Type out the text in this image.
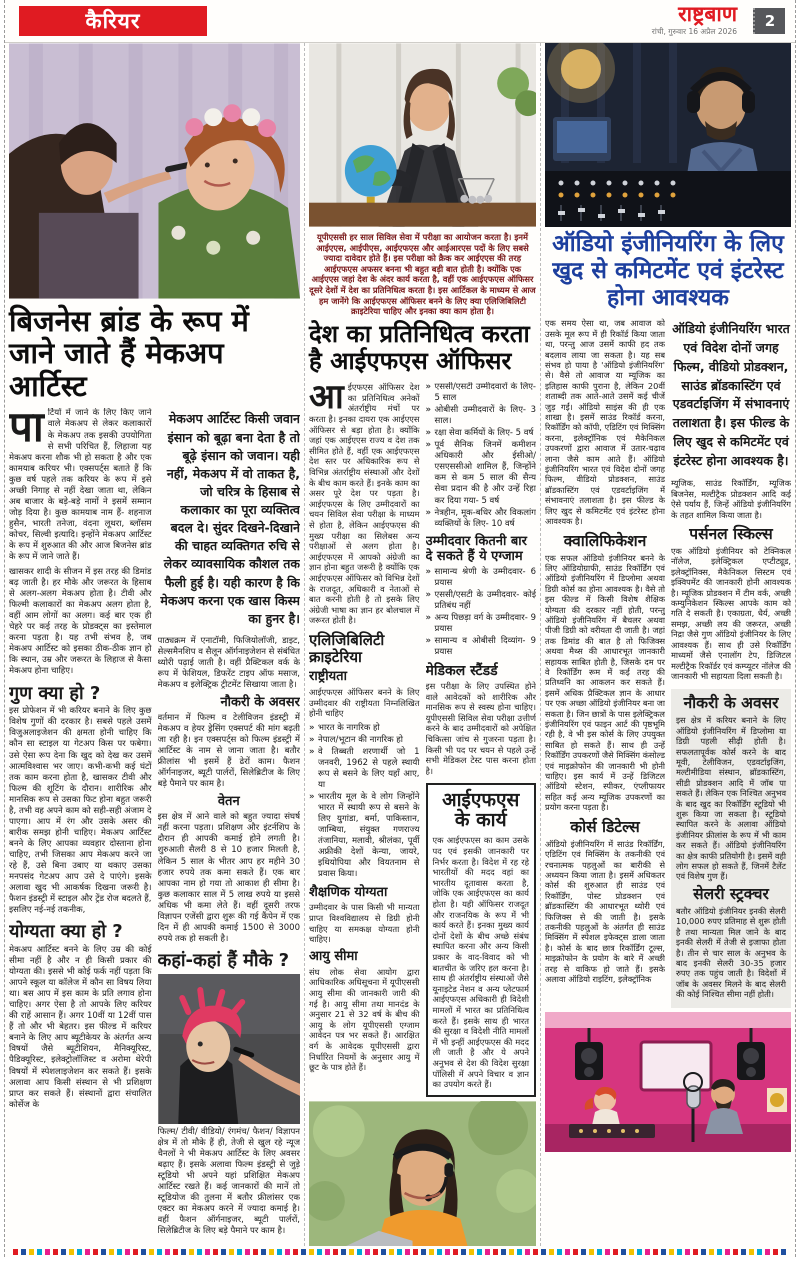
कैरियर	राष्ट्रबाण
रांची, गुरुवार 16 अप्रैल 2026
2
बिजनेस ब्रांड के रूप में जाने जाते हैं मेकअप आर्टिस्ट

पार्टियों में जाने के लिए किए जाने वाले मेकअप से लेकर कलाकारों के मेकअप तक इसकी उपयोगिता से सभी परिचित हैं, लिहाजा यह मेकअप करना शौक भी हो सकता है और एक कामयाब करियर भी। एक्सपर्ट्स बताते हैं कि कुछ वर्ष पहले तक करियर के रूप में इसे अच्छी निगाह से नहीं देखा जाता था, लेकिन अब बाजार के बड़े-बड़े नामों ने इसमें सम्मान जोड़ दिया है। कुछ कामयाब नाम हैं- शहनाज हुसैन, भारती तनेजा, वंदना लूथरा, ब्लॉसम कोचर, सिल्वी इत्यादि। इन्होंने मेकअप आर्टिस्ट के रूप में शुरुआत की और आज बिजनेस ब्रांड के रूप में जाने जाते हैं।

खासकर शादी के सीजन में इस तरह की डिमांड बढ़ जाती है। हर मौके और जरूरत के हिसाब से अलग-अलग मेकअप होता है। टीवी और फिल्मी कलाकारों का मेकअप अलग होता है, वहीं आम लोगों का अलग। कई बार एक ही चेहरे पर कई तरह के प्रोडक्ट्स का इस्तेमाल करना पड़ता है। यह तभी संभव है, जब मेकअप आर्टिस्ट को इसका ठीक-ठीक ज्ञान हो कि स्थान, उम्र और जरूरत के लिहाज से कैसा मेकअप होना चाहिए।

गुण क्या हो ?

इस प्रोफेशन में भी करियर बनाने के लिए कुछ विशेष गुणों की दरकार है। सबसे पहले उसमें विजुअलाइजेशन की क्षमता होनी चाहिए कि कौन सा स्टाइल या गेटअप किस पर फबेगा। उसे ऐसा रूप देना कि खुद को देख कर उसमें आत्मविश्वास भर जाए। कभी-कभी कई घंटों तक काम करना होता है, खासकर टीवी और फिल्म की शूटिंग के दौरान। शारीरिक और मानसिक रूप से उसका फिट होना बहुत जरूरी है, तभी वह अपने काम को सही-सही अंजाम दे पाएगा। आप में रंग और उसके असर की बारीक समझ होनी चाहिए। मेकअप आर्टिस्ट बनने के लिए आपका व्यवहार दोस्ताना होना चाहिए, तभी जिसका आप मेकअप करने जा रहे हैं, उसे बिना उबाए या थकाए उसका मनपसंद गेटअप आप उसे दे पाएंगे। इसके अलावा खुद भी आकर्षक दिखना जरूरी है। फैशन इंडस्ट्री में स्टाइल और ट्रेंड रोज बदलते हैं, इसलिए नई-नई तकनीक,

योग्यता क्या हो ?

मेकअप आर्टिस्ट बनने के लिए उम्र की कोई सीमा नहीं है और न ही किसी प्रकार की योग्यता की। इससे भी कोई फर्क नहीं पड़ता कि आपने स्कूल या कॉलेज में कौन सा विषय लिया था। बस आप में इस काम के प्रति लगाव होना चाहिए। अगर ऐसा है तो आपके लिए करियर की राहें आसान हैं। अगर 10वीं या 12वीं पास हैं तो और भी बेहतर। इस फील्ड में करियर बनाने के लिए आप ब्यूटीकेयर के अंतर्गत अन्य विषयों जैसे ब्यूटीशियन, मैनिक्यूरिस्ट, पैडिक्यूरिस्ट, इलेक्ट्रोलॉजिस्ट व अरोमा थेरेपी विषयों में स्पेशलाइजेशन कर सकते हैं। इसके अलावा आप किसी संस्थान से भी प्रशिक्षण प्राप्त कर सकते हैं। संस्थानों द्वारा संचालित कोर्सेज के

मेकअप आर्टिस्ट किसी जवान इंसान को बूढ़ा बना देता है तो बूढ़े इंसान को जवान। यही नहीं, मेकअप में वो ताकत है, जो चरित्र के हिसाब से कलाकार का पूरा व्यक्तित्व बदल दे। सुंदर दिखने-दिखाने की चाहत व्यक्तिगत रुचि से लेकर व्यावसायिक कौशल तक फैली हुई है। यही कारण है कि मेकअप करना एक खास किस्म का हुनर है।

पाठ्यक्रम में एनाटॉमी, फिजियोलॉजी, डाइट, सेल्समैनशिप व सैलून ऑर्गनाइजेशन से संबंधित थ्योरी पढ़ाई जाती है। वहीं प्रैक्टिकल वर्क के रूप में फेशियल, डिफरेंट टाइप ऑफ मसाज, मेकअप व इलेक्ट्रिक ट्रीटमेंट सिखाया जाता है।

नौकरी के अवसर

वर्तमान में फिल्म व टेलीविजन इंडस्ट्री में मेकअप व हेयर ड्रेसिंग एक्सपर्ट की मांग बढ़ती जा रही है। इन एक्सपर्ट्स को फिल्म इंडस्ट्री में आर्टिस्ट के नाम से जाना जाता है। बतौर फ्रीलांस भी इसमें हैं ढेरों काम। फैशन ऑर्गनाइजर, ब्यूटी पार्लरों, सिलेब्रिटीज के लिए बड़े पैमाने पर काम है।

वेतन

इस क्षेत्र में आने वाले को बहुत ज्यादा संघर्ष नहीं करना पड़ता। प्रशिक्षण और इंटर्नशिप के दौरान ही आपकी कमाई होने लगती है। शुरुआती सैलरी 8 से 10 हजार मिलती है, लेकिन 5 साल के भीतर आप हर महीने 30 हजार रुपये तक कमा सकते हैं। एक बार आपका नाम हो गया तो आकाश ही सीमा है। कुछ कलाकार साल में 5 लाख रुपये या इससे अधिक भी कमा लेते हैं। वहीं दूसरी तरफ विज्ञापन एजेंसी द्वारा शुरू की गई कैंपेन में एक दिन में ही आपकी कमाई 1500 से 3000 रुपये तक हो सकती है।

कहां-कहां हैं मौके ?

फिल्म/ टीवी/ वीडियो/ रंगमंच/ फैशन/ विज्ञापन क्षेत्र में तो मौके हैं ही, तेजी से खुल रहे न्यूज चैनलों ने भी मेकअप आर्टिस्ट के लिए अवसर बढ़ाए हैं। इसके अलावा फिल्म इंडस्ट्री से जुड़े स्टूडियो भी अपने यहां प्रशिक्षित मेकअप आर्टिस्ट रखते हैं। कई जानकारों की मानें तो स्टूडियोज की तुलना में बतौर फ्रीलांसर एक एक्टर का मेकअप करने में ज्यादा कमाई है। वहीं फैशन ऑर्गनाइजर, ब्यूटी पार्लरों, सिलेब्रिटीज के लिए बड़े पैमाने पर काम है।

यूपीएससी हर साल सिविल सेवा में परीक्षा का आयोजन करता है। इनमें आईएएस, आईपीएस, आईएफएस और आईआरएस पदों के लिए सबसे ज्यादा दावेदार होते हैं। इस परीक्षा को क्रैक कर आईएएस की तरह आईएफएस अफसर बनना भी बहुत बड़ी बात होती है। क्योंकि एक आईएएस जहां देश के अंदर कार्य करता है, वहीं एक आईएफएस ऑफिसर दूसरे देशों में देश का प्रतिनिधित्व करता है। इस आर्टिकल के माध्यम से आज हम जानेंगे कि आईएफएस ऑफिसर बनने के लिए क्या एलिजिबिलिटी क्राइटेरिया चाहिए और इनका क्या काम होता है।

देश का प्रतिनिधित्व करता है आईएफएस ऑफिसर

आईएफएस ऑफिसर देश का प्रतिनिधित्व अनेकों अंतर्राष्ट्रीय मंचों पर करता है। इनका दायरा एक आईएएस ऑफिसर से बड़ा होता है। क्योंकि जहां एक आईएएस राज्य व देश तक सीमित होते हैं, वहीं एक आईएफएस देश स्तर पर अधिकारिक रूप से विभिन्न अंतर्राष्ट्रीय संस्थाओं और देशों के बीच काम करते हैं। इनके काम का असर पूरे देश पर पड़ता है। आईएफएस के लिए उम्मीदवारों का चयन सिविल सेवा परीक्षा के माध्यम से होता है, लेकिन आईएफएस की मुख्य परीक्षा का सिलेबस अन्य परीक्षाओं से अलग होता है। आईएफएस में आपको अंग्रेजी का ज्ञान होना बहुत जरूरी है क्योंकि एक आईएफएस ऑफिसर को विभिन्न देशों के राजदूत, अधिकारी व नेताओं से बात करनी होती है तो इसके लिए अंग्रेजी भाषा का ज्ञान हर बोलचाल में जरूरत होती है।

एलिजिबिलिटी क्राइटेरिया
राष्ट्रीयता

आईएफएस ऑफिसर बनने के लिए उम्मीदवार की राष्ट्रीयता निम्नलिखित होनी चाहिए

» भारत के नागरिक हो
» नेपाल/भूटान की नागरिक हो
» वे तिब्बती शरणार्थी जो 1 जनवरी, 1962 से पहले स्थायी रूप से बसने के लिए यहाँ आए, या
» भारतीय मूल के वे लोग जिन्होंने भारत में स्थायी रूप से बसने के लिए युगांडा, बर्मा, पाकिस्तान, जाम्बिया, संयुक्त गणराज्य तंजानिया, मलावी, श्रीलंका, पूर्वी अफ्रीकी देशों केन्या, जायरे, इथियोपिया और वियतनाम से प्रवास किया।
शैक्षणिक योग्यता

उम्मीदवार के पास किसी भी मान्यता प्राप्त विश्वविद्यालय से डिग्री होनी चाहिए या समकक्ष योग्यता होनी चाहिए।

आयु सीमा

संघ लोक सेवा आयोग द्वारा आधिकारिक अधिसूचना में यूपीएससी आयु सीमा की जानकारी जारी की गई है। आयु सीमा तथा मानदंड के अनुसार 21 से 32 वर्ष के बीच की आयु के लोग यूपीएससी एग्जाम आवेदन पत्र भर सकते हैं। आरक्षित वर्ग के आवेदक यूपीएससी द्वारा निर्धारित नियमों के अनुसार आयु में छूट के पात्र होते हैं।

» एससी/एसटी उम्मीदवारों के लिए- 5 साल
» ओबीसी उम्मीदवारों के लिए- 3 साल।
» रक्षा सेवा कर्मियों के लिए- 5 वर्ष
» पूर्व सैनिक जिनमें कमीशन अधिकारी और ईसीओ/एसएससीओ शामिल हैं, जिन्होंने कम से कम 5 साल की सैन्य सेवा प्रदान की है और उन्हें रिहा कर दिया गया- 5 वर्ष
» नेत्रहीन, मूक-बधिर और विकलांग व्यक्तियों के लिए- 10 वर्ष
उम्मीदवार कितनी बार दे सकते हैं ये एग्जाम
» सामान्य श्रेणी के उम्मीदवार- 6 प्रयास
» एससी/एसटी के उम्मीदवार- कोई प्रतिबंध नहीं
» अन्य पिछड़ा वर्ग के उम्मीदवार- 9 प्रयास
» सामान्य व ओबीसी दिव्यांग- 9 प्रयास
मेडिकल स्टैंडर्ड

इस परीक्षा के लिए उपस्थित होने वाले आवेदकों को शारीरिक और मानसिक रूप से स्वस्थ होना चाहिए। यूपीएससी सिविल सेवा परीक्षा उत्तीर्ण करने के बाद उम्मीदवारों को अपेक्षित चिकित्सा जांच से गुजरना पड़ता है। किसी भी पद पर चयन से पहले उन्हें सभी मेडिकल टेस्ट पास करना होता है।

आईएफएस के कार्य

एक आईएफएस का काम उसके पद एवं इसकी जानकारी पर निर्भर करता है। विदेश में रह रहे भारतीयों की मदद वहां का भारतीय दूतावास करता है, जोकि एक आईएफएस का कार्य होता है। यही ऑफिसर राजदूत और राजनयिक के रूप में भी कार्य करते हैं। इनका मुख्य कार्य दोनों देशों के बीच अच्छे संबंध स्थापित करना और अन्य किसी प्रकार के वाद-विवाद को भी बातचीत के जरिए हल करना है। साथ ही अंतर्राष्ट्रीय संस्थाओं जैसे यूनाइटेड नेशन व अन्य प्लेटफार्म आईएफएस अधिकारी ही विदेशी मामलों में भारत का प्रतिनिधित्व करते हैं। इसके साथ ही भारत की सुरक्षा व विदेशी नीति मामलों में भी इन्हीं आईएफएस की मदद ली जाती है और ये अपने अनुभव से देश की विदेश सुरक्षा पॉलिसी में अपने विचार व ज्ञान का उपयोग करते हैं।

ऑडियो इंजीनियरिंग के लिए खुद से कमिटमेंट एवं इंटरेस्ट होना आवश्यक

एक समय ऐसा था, जब आवाज को उसके मूल रूप में ही रिकॉर्ड किया जाता था, परन्तु आज उसमें काफी हद तक बदलाव लाया जा सकता है। यह सब संभव हो पाया है 'ऑडियो इंजीनियरिंग' से। वैसे तो आवाज या म्यूजिक का इतिहास काफी पुराना है, लेकिन 20वीं शताब्दी तक आते-आते उसमें कई चीजें जुड़ गईं। ऑडियो साइंस की ही एक शाखा है। इसमें साउंड रिकॉर्ड करना, रिकॉर्डिंग को कॉपी, एडिटिंग एवं मिक्सिंग करना, इलेक्ट्रॉनिक एवं मैकेनिकल उपकरणों द्वारा आवाज में उतार-चढ़ाव लाना जैसे काम आते हैं। ऑडियो इंजीनियरिंग भारत एवं विदेश दोनों जगह फिल्म, वीडियो प्रोडक्शन, साउंड ब्रॉडकास्टिंग एवं एडवर्टाइजिंग में संभावनाएं तलाशता है। इस फील्ड के लिए खुद से कमिटमेंट एवं इंटरेस्ट होना आवश्यक है।

क्वालिफिकेशन

एक सफल ऑडियो इंजीनियर बनने के लिए ऑडियोग्राफी, साउंड रिकॉर्डिंग एवं ऑडियो इंजीनियरिंग में डिप्लोमा अथवा डिग्री कोर्स का होना आवश्यक है। वैसे तो इस फील्ड में किसी विशेष शैक्षिक योग्यता की दरकार नहीं होती, परन्तु ऑडियो इंजीनियरिंग में बैचलर अथवा पीजी डिग्री को वरीयता दी जाती है। जहां तक डिमांड की बात है तो फिजिक्स अथवा मैथ्स की आधारभूत जानकारी सहायक साबित होती है, जिसके दम पर वे रिकॉर्डिंग रूम में कई तरह की प्रतिध्वनि का आकलन कर सकते हैं। इसमें अधिक प्रैक्टिकल ज्ञान के आधार पर एक अच्छा ऑडियो इंजीनियर बना जा सकता है। जिन छात्रों के पास इलेक्ट्रिकल इंजीनियरिंग एवं फाइन आर्ट की पृष्ठभूमि रही है, वे भी इस कोर्स के लिए उपयुक्त साबित हो सकते हैं। साथ ही उन्हें रिकॉर्डिंग उपकरणों जैसे मिक्सिंग कंसोल्ड एवं माइक्रोफोन की जानकारी भी होनी चाहिए। इस कार्य में उन्हें डिजिटल ऑडियो स्टेशन, स्पीकर, एंप्लीफायर सहित कई अन्य म्यूजिक उपकरणों का प्रयोग करना पड़ता है।

कोर्स डिटेल्स

ऑडियो इंजीनियरिंग में साउंड रिकॉर्डिंग, एडिटिंग एवं मिक्सिंग के तकनीकी एवं रचनात्मक पहलुओं का बारीकी से अध्ययन किया जाता है। इसमें अधिकतर कोर्स की शुरुआत ही साउंड एवं रिकॉर्डिंग, पोस्ट प्रोडक्शन एवं ब्रॉडकास्टिंग की आधारभूत थ्योरी एवं फिजिक्स से की जाती है। इसके तकनीकी पहलुओं के अंतर्गत ही साउंड मिक्सिंग में स्पेशल इफेक्ट्स डाला जाता है। कोर्स के बाद छात्र रिकॉर्डिंग टूल्स, माइक्रोफोन के प्रयोग के बारे में अच्छी तरह से वाकिफ हो जाते हैं। इसके अलावा ऑडियो राइटिंग, इलेक्ट्रॉनिक

ऑडियो इंजीनियरिंग भारत एवं विदेश दोनों जगह फिल्म, वीडियो प्रोडक्शन, साउंड ब्रॉडकास्टिंग एवं एडवर्टाइजिंग में संभावनाएं तलाशता है। इस फील्ड के लिए खुद से कमिटमेंट एवं इंटरेस्ट होना आवश्यक है।

म्यूजिक, साउंड रिकॉर्डिंग, म्यूजिक बिजनेस, मल्टीट्रैक प्रोडक्शन आदि कई ऐसे पर्याय हैं, जिन्हें ऑडियो इंजीनियरिंग के तहत शामिल किया जाता है।

पर्सनल स्किल्स

एक ऑडियो इंजीनियर को टेक्निकल नॉलेज, इलेक्ट्रिकल एप्टीट्यूड, इलेक्ट्रॉनिक्स, मैकेनिकल सिस्टम एवं इक्विपमेंट की जानकारी होनी आवश्यक है। म्यूजिक प्रोडक्शन में टीम वर्क, अच्छी कम्युनिकेशन स्किल्स आपके काम को गति दे सकती है। एकाग्रता, धैर्य, अच्छी समझ, अच्छी लय की जरूरत, अच्छी निद्रा जैसे गुण ऑडियो इंजीनियर के लिए आवश्यक हैं। साथ ही उसे रिकॉर्डिंग माध्यमों जैसे एनालॉग टेप, डिजिटल मल्टीट्रैक रिकॉर्डर एवं कम्प्यूटर नॉलेज की जानकारी भी सहायता दिला सकती है।

नौकरी के अवसर

इस क्षेत्र में करियर बनाने के लिए ऑडियो इंजीनियरिंग में डिप्लोमा या डिग्री पहली सीढ़ी होती है। सफलतापूर्वक कोर्स करने के बाद मूवी, टेलीविजन, एडवर्टाइजिंग, मल्टीमीडिया संस्थान, ब्रॉडकास्टिंग, सीडी प्रोडक्शन आदि में जॉब पा सकते हैं। लेकिन एक निश्चित अनुभव के बाद खुद का रिकॉर्डिंग स्टूडियो भी शुरू किया जा सकता है। स्टूडियो स्थापित करने के अलावा ऑडियो इंजीनियर फ्रीलांस के रूप में भी काम कर सकते हैं। ऑडियो इंजीनियरिंग का क्षेत्र काफी प्रतियोगी है। इसमें वही लोग सफल हो सकते हैं, जिनमें टैलेंट एवं विशेष गुण हैं।

सेलरी स्ट्रक्चर

बतौर ऑडियो इंजीनियर इनकी सेलरी 10,000 रुपए प्रतिमाह से शुरू होती है तथा मान्यता मिल जाने के बाद इनकी सेलरी में तेजी से इजाफा होता है। तीन से चार साल के अनुभव के बाद इनकी सेलरी 30-35 हजार रुपए तक पहुंच जाती है। विदेशों में जॉब के अवसर मिलने के बाद सेलरी की कोई निश्चित सीमा नहीं होती।
